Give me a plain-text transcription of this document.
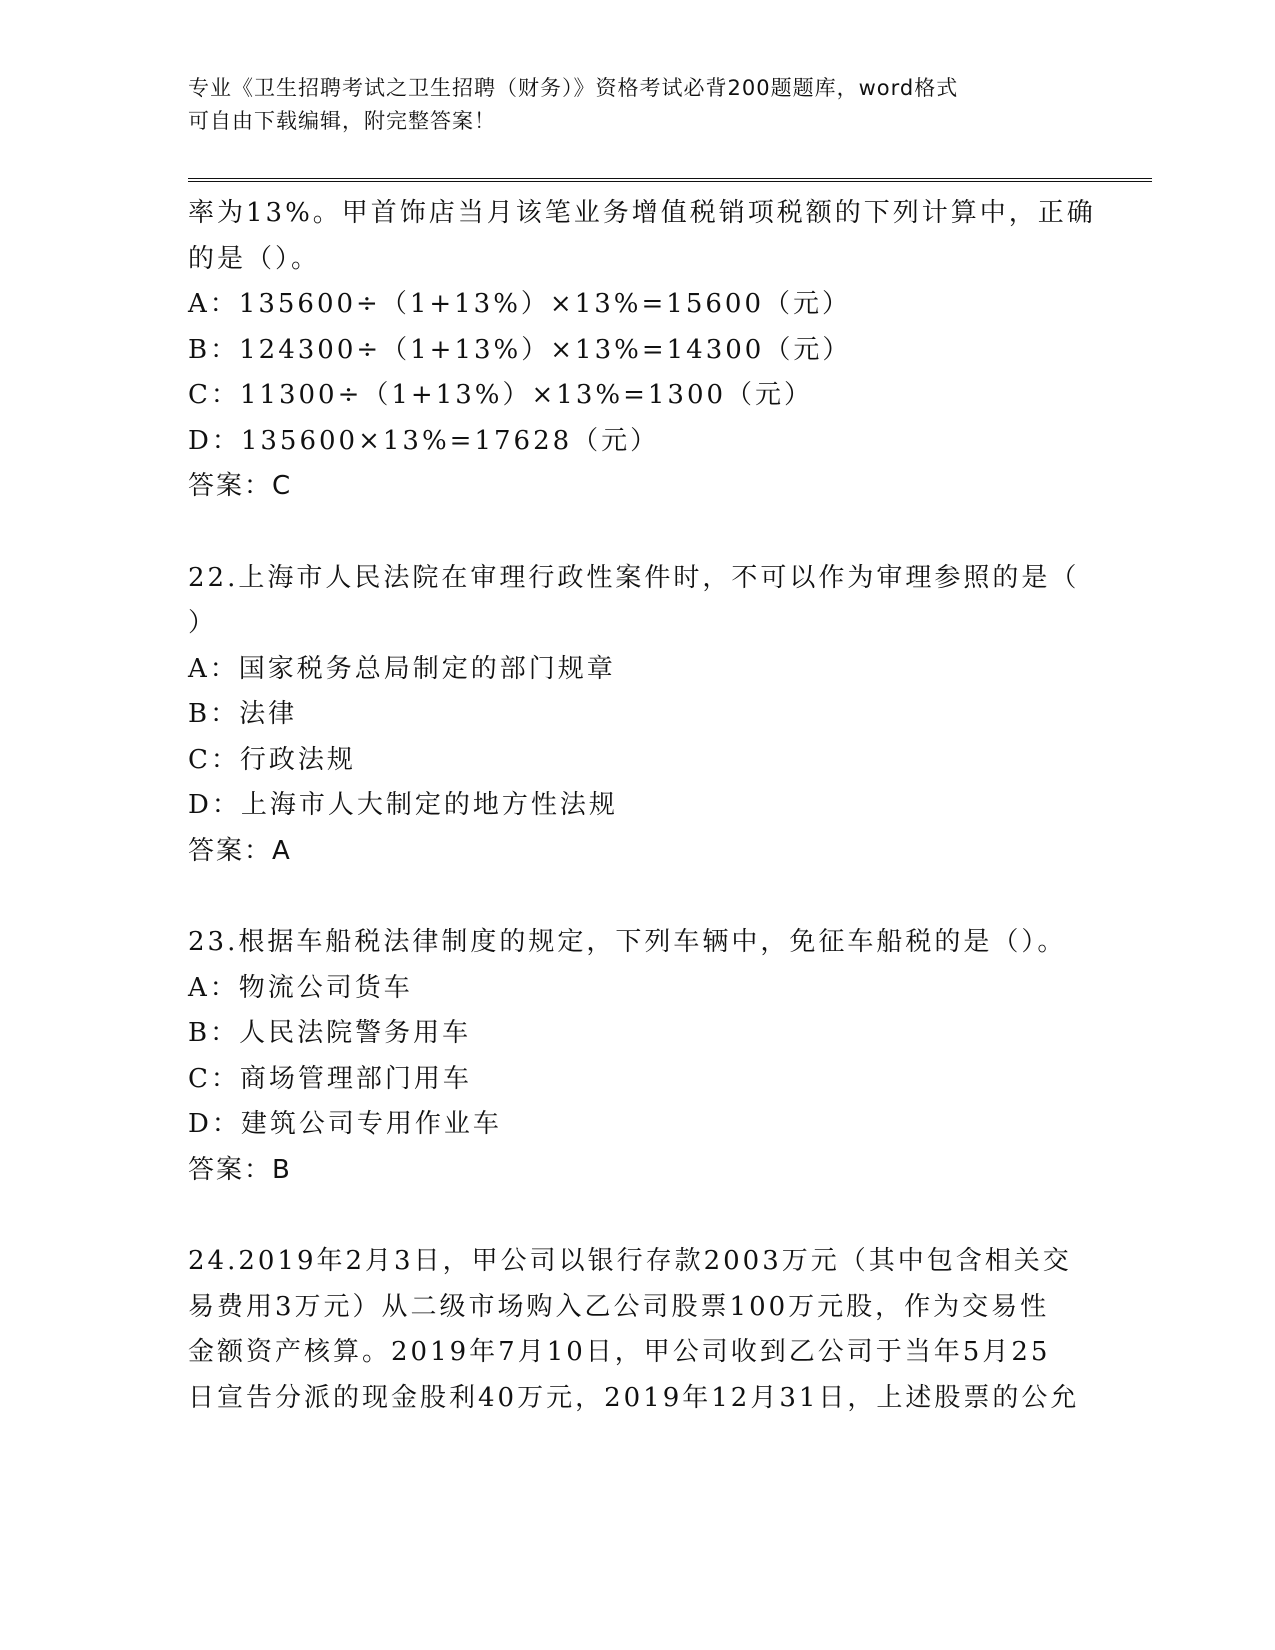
专业《卫生招聘考试之卫生招聘（财务）》资格考试必背200题题库，word格式
可自由下载编辑，附完整答案！
率为13%。甲首饰店当月该笔业务增值税销项税额的下列计算中，正确
的是（）。
A：135600÷（1+13%）×13%=15600（元）
B：124300÷（1+13%）×13%=14300（元）
C：11300÷（1+13%）×13%=1300（元）
D：135600×13%=17628（元）
答案：C
22.上海市人民法院在审理行政性案件时，不可以作为审理参照的是（
）
A：国家税务总局制定的部门规章
B：法律
C：行政法规
D：上海市人大制定的地方性法规
答案：A
23.根据车船税法律制度的规定，下列车辆中，免征车船税的是（）。
A：物流公司货车
B：人民法院警务用车
C：商场管理部门用车
D：建筑公司专用作业车
答案：B
24.2019年2月3日，甲公司以银行存款2003万元（其中包含相关交
易费用3万元）从二级市场购入乙公司股票100万元股，作为交易性
金额资产核算。2019年7月10日，甲公司收到乙公司于当年5月25
日宣告分派的现金股利40万元，2019年12月31日，上述股票的公允
